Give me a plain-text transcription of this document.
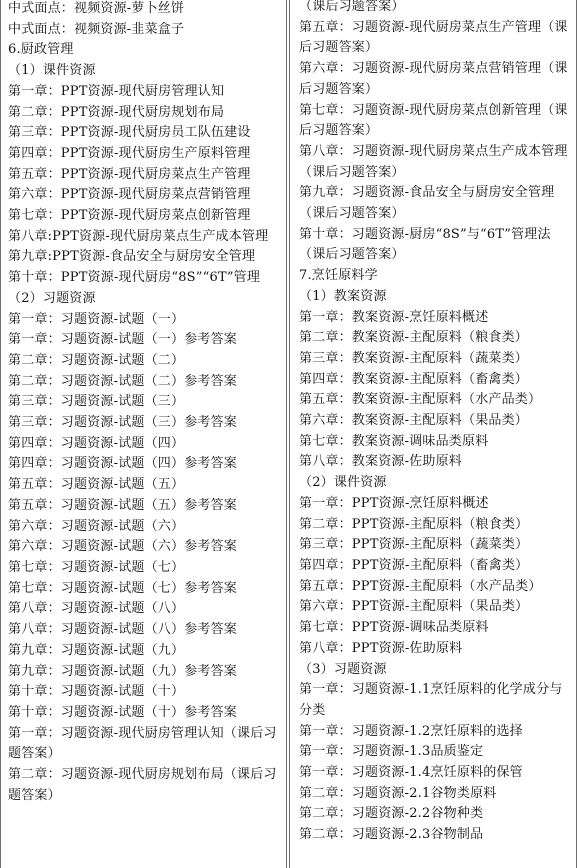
中式面点：视频资源-萝卜丝饼
中式面点：视频资源-韭菜盒子
6.厨政管理
（1）课件资源
第一章：PPT资源-现代厨房管理认知
第二章：PPT资源-现代厨房规划布局
第三章：PPT资源-现代厨房员工队伍建设
第四章：PPT资源-现代厨房生产原料管理
第五章：PPT资源-现代厨房菜点生产管理
第六章：PPT资源-现代厨房菜点营销管理
第七章：PPT资源-现代厨房菜点创新管理
第八章:PPT资源-现代厨房菜点生产成本管理
第九章:PPT资源-食品安全与厨房安全管理
第十章：PPT资源-现代厨房“8S”“6T”管理
（2）习题资源
第一章：习题资源-试题（一）
第一章：习题资源-试题（一）参考答案
第二章：习题资源-试题（二）
第二章：习题资源-试题（二）参考答案
第三章：习题资源-试题（三）
第三章：习题资源-试题（三）参考答案
第四章：习题资源-试题（四）
第四章：习题资源-试题（四）参考答案
第五章：习题资源-试题（五）
第五章：习题资源-试题（五）参考答案
第六章：习题资源-试题（六）
第六章：习题资源-试题（六）参考答案
第七章：习题资源-试题（七）
第七章：习题资源-试题（七）参考答案
第八章：习题资源-试题（八）
第八章：习题资源-试题（八）参考答案
第九章：习题资源-试题（九）
第九章：习题资源-试题（九）参考答案
第十章：习题资源-试题（十）
第十章：习题资源-试题（十）参考答案
第一章：习题资源-现代厨房管理认知（课后习题答案）
第二章：习题资源-现代厨房规划布局（课后习题答案）
（课后习题答案）
第五章：习题资源-现代厨房菜点生产管理（课后习题答案）
第六章：习题资源-现代厨房菜点营销管理（课后习题答案）
第七章：习题资源-现代厨房菜点创新管理（课后习题答案）
第八章：习题资源-现代厨房菜点生产成本管理（课后习题答案）
第九章：习题资源-食品安全与厨房安全管理（课后习题答案）
第十章：习题资源-厨房“8S”与“6T”管理法（课后习题答案）
7.烹饪原料学
（1）教案资源
第一章：教案资源-烹饪原料概述
第二章：教案资源-主配原料（粮食类）
第三章：教案资源-主配原料（蔬菜类）
第四章：教案资源-主配原料（畜禽类）
第五章：教案资源-主配原料（水产品类）
第六章：教案资源-主配原料（果品类）
第七章：教案资源-调味品类原料
第八章：教案资源-佐助原料
（2）课件资源
第一章：PPT资源-烹饪原料概述
第二章：PPT资源-主配原料（粮食类）
第三章：PPT资源-主配原料（蔬菜类）
第四章：PPT资源-主配原料（畜禽类）
第五章：PPT资源-主配原料（水产品类）
第六章：PPT资源-主配原料（果品类）
第七章：PPT资源-调味品类原料
第八章：PPT资源-佐助原料
（3）习题资源
第一章：习题资源-1.1烹饪原料的化学成分与分类
第一章：习题资源-1.2烹饪原料的选择
第一章：习题资源-1.3品质鉴定
第一章：习题资源-1.4烹饪原料的保管
第二章：习题资源-2.1谷物类原料
第二章：习题资源-2.2谷物种类
第二章：习题资源-2.3谷物制品
